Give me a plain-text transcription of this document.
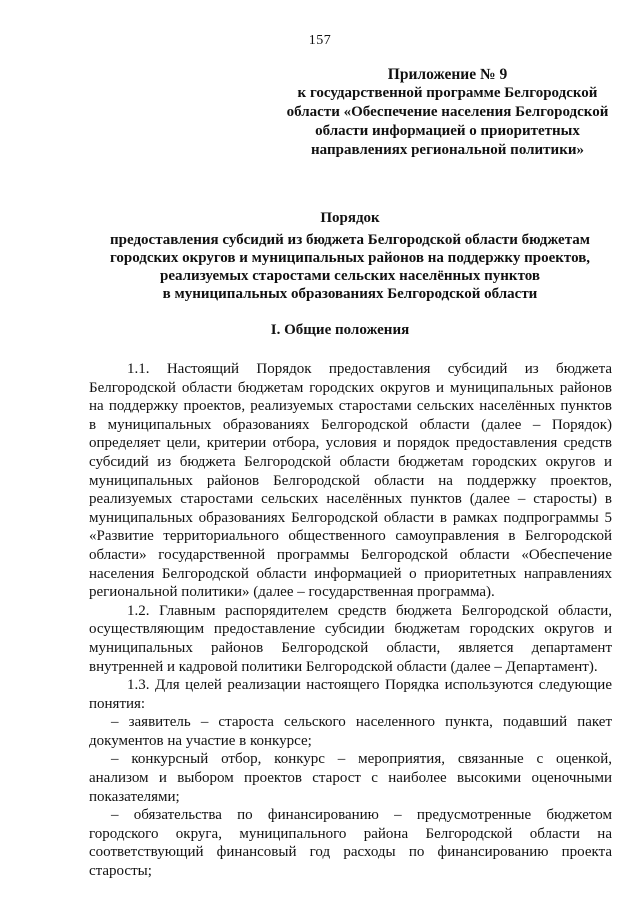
157
Приложение № 9
к государственной программе Белгородской
области «Обеспечение населения Белгородской
области информацией о приоритетных
направлениях региональной политики»
Порядок
предоставления субсидий из бюджета Белгородской области бюджетам
городских округов и муниципальных районов на поддержку проектов,
реализуемых старостами сельских населённых пунктов
в муниципальных образованиях Белгородской области
I. Общие положения
1.1. Настоящий Порядок предоставления субсидий из бюджета
Белгородской области бюджетам городских округов и муниципальных районов
на поддержку проектов, реализуемых старостами сельских населённых пунктов
в муниципальных образованиях Белгородской области (далее – Порядок)
определяет цели, критерии отбора, условия и порядок предоставления средств
субсидий из бюджета Белгородской области бюджетам городских округов и
муниципальных районов Белгородской области на поддержку проектов,
реализуемых старостами сельских населённых пунктов (далее – старосты) в
муниципальных образованиях Белгородской области в рамках подпрограммы 5
«Развитие территориального общественного самоуправления в Белгородской
области» государственной программы Белгородской области «Обеспечение
населения Белгородской области информацией о приоритетных направлениях
региональной политики» (далее – государственная программа).
1.2. Главным распорядителем средств бюджета Белгородской области,
осуществляющим предоставление субсидии бюджетам городских округов и
муниципальных районов Белгородской области, является департамент
внутренней и кадровой политики Белгородской области (далее – Департамент).
1.3. Для целей реализации настоящего Порядка используются следующие
понятия:
– заявитель – староста сельского населенного пункта, подавший пакет
документов на участие в конкурсе;
– конкурсный отбор, конкурс – мероприятия, связанные с оценкой,
анализом и выбором проектов старост с наиболее высокими оценочными
показателями;
– обязательства по финансированию – предусмотренные бюджетом
городского округа, муниципального района Белгородской области на
соответствующий финансовый год расходы по финансированию проекта
старосты;
